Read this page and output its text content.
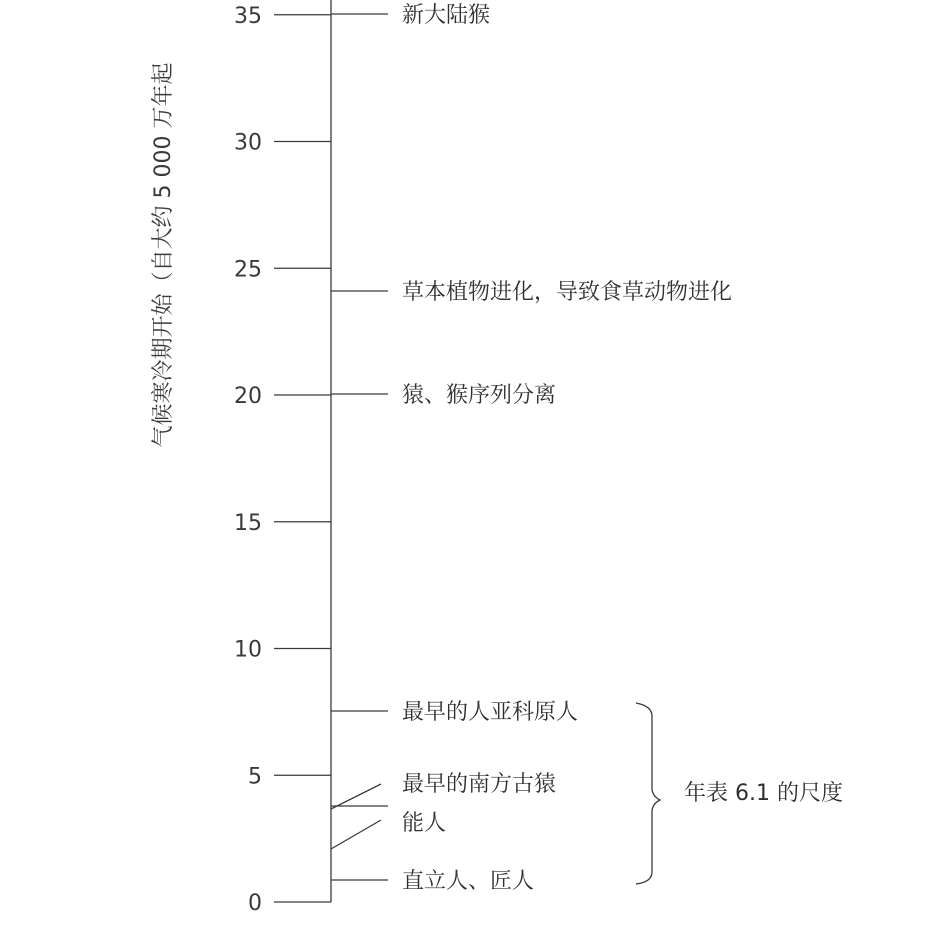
气候寒冷期开始（自大约 5 000 万年起
0
5
10
15
20
25
30
35	新大陆猴
草本植物进化，导致食草动物进化
猿、猴序列分离
最早的人亚科原人
最早的南方古猿
能人
直立人、匠人
年表 6.1 的尺度
